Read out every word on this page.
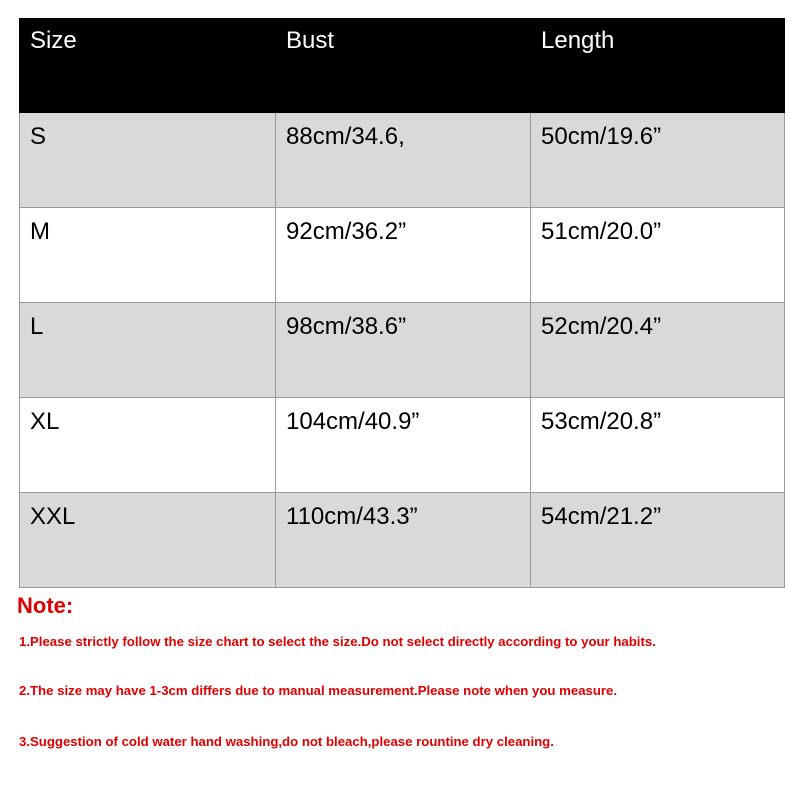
Size	Bust	Length
S	88cm/34.6,	50cm/19.6”
M	92cm/36.2”	51cm/20.0”
L	98cm/38.6”	52cm/20.4”
XL	104cm/40.9”	53cm/20.8”
XXL	110cm/43.3”	54cm/21.2”
Note:
1.Please strictly follow the size chart to select the size.Do not select directly according to your habits.
2.The size may have 1-3cm differs due to manual measurement.Please note when you measure.
3.Suggestion of cold water hand washing,do not bleach,please rountine dry cleaning.
